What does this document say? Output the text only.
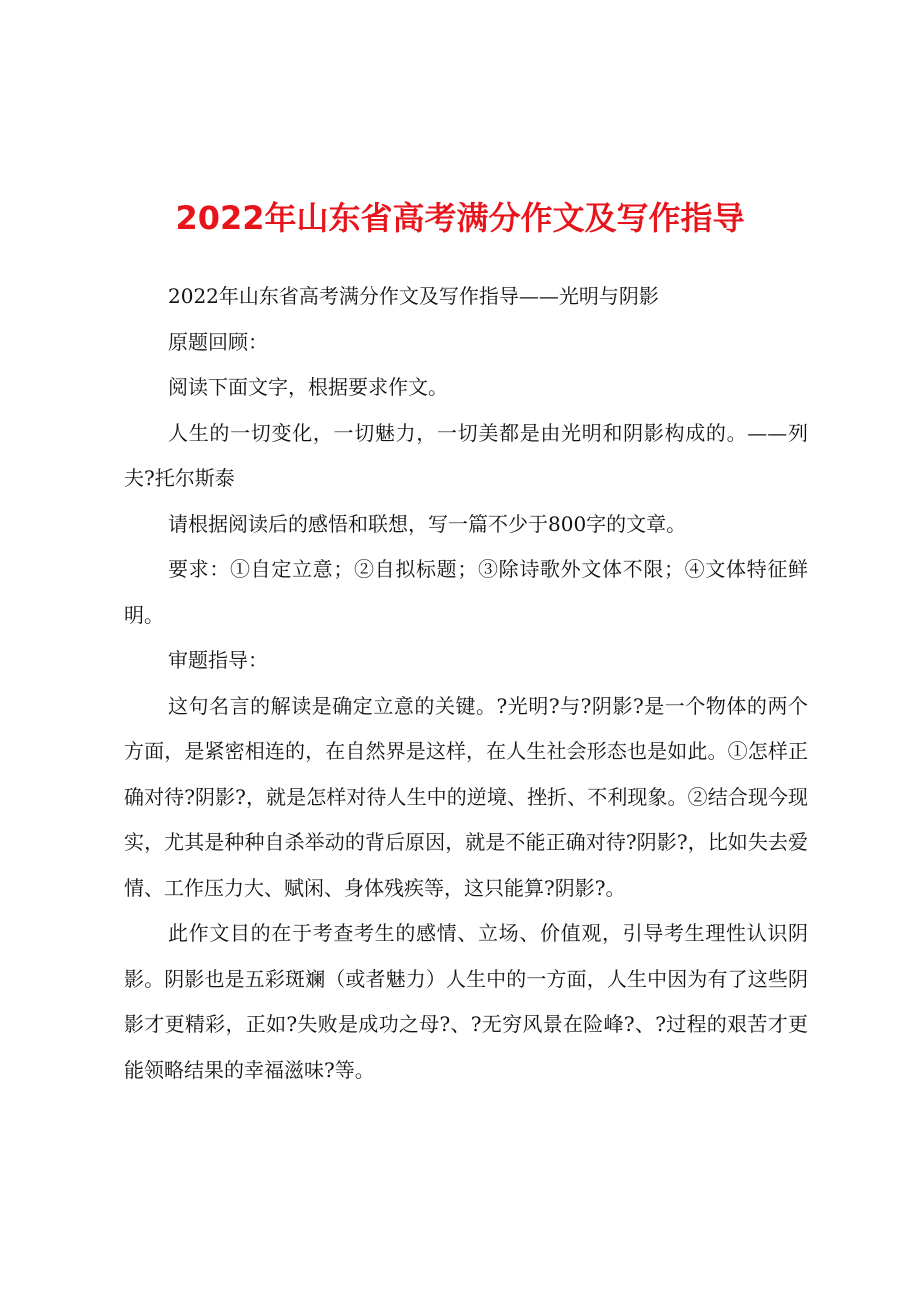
2022年山东省高考满分作文及写作指导

2022年山东省高考满分作文及写作指导——光明与阴影

原题回顾：

阅读下面文字，根据要求作文。

人生的一切变化，一切魅力，一切美都是由光明和阴影构成的。——列夫?托尔斯泰

请根据阅读后的感悟和联想，写一篇不少于800字的文章。

要求：①自定立意；②自拟标题；③除诗歌外文体不限；④文体特征鲜明。

审题指导：

这句名言的解读是确定立意的关键。?光明?与?阴影?是一个物体的两个方面，是紧密相连的，在自然界是这样，在人生社会形态也是如此。①怎样正确对待?阴影?，就是怎样对待人生中的逆境、挫折、不利现象。②结合现今现实，尤其是种种自杀举动的背后原因，就是不能正确对待?阴影?，比如失去爱情、工作压力大、赋闲、身体残疾等，这只能算?阴影?。

此作文目的在于考查考生的感情、立场、价值观，引导考生理性认识阴影。阴影也是五彩斑斓（或者魅力）人生中的一方面，人生中因为有了这些阴影才更精彩，正如?失败是成功之母?、?无穷风景在险峰?、?过程的艰苦才更能领略结果的幸福滋味?等。
